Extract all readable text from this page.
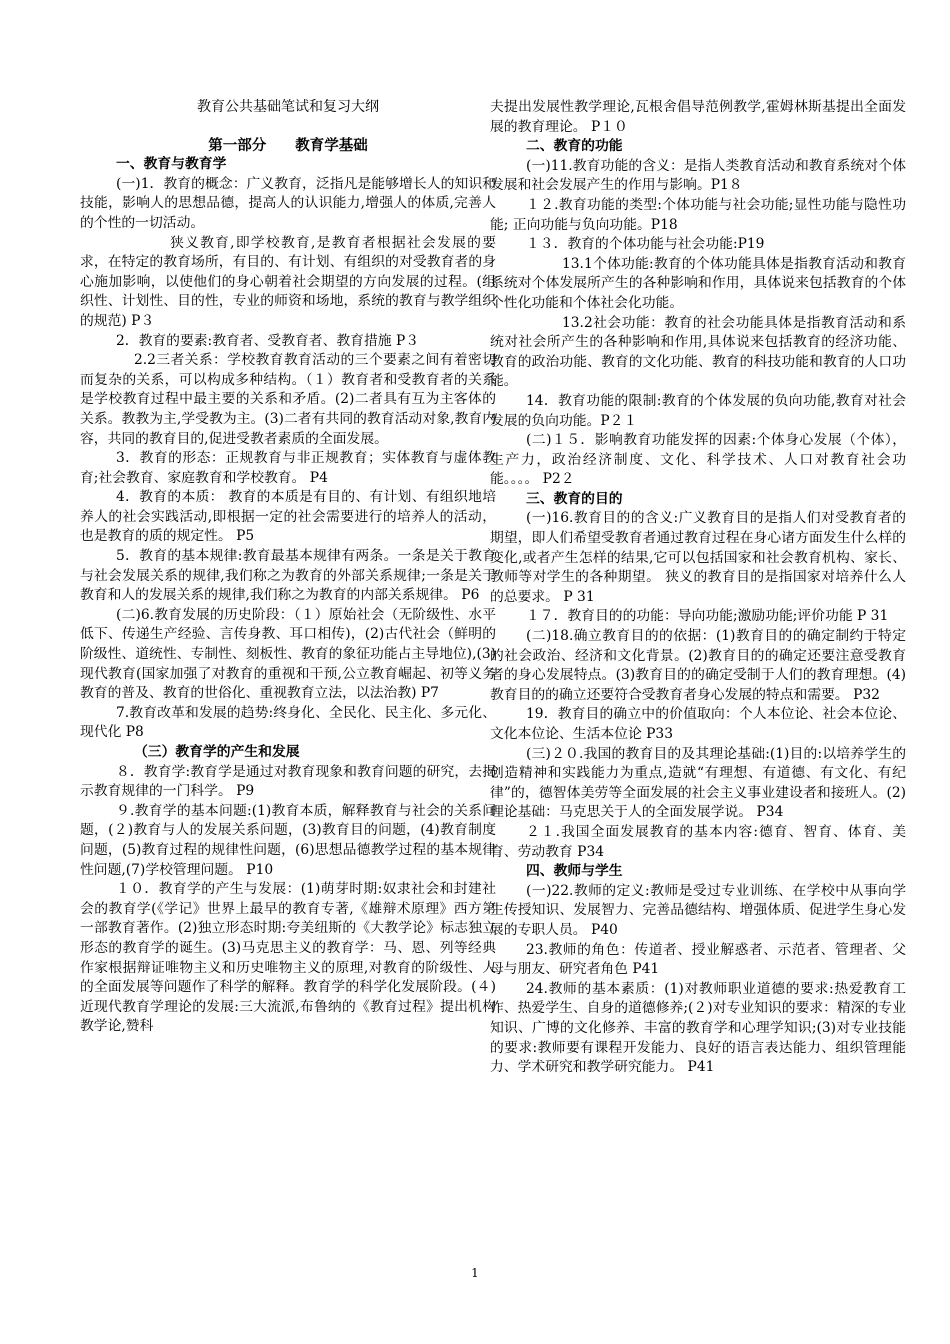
教育公共基础笔试和复习大纲

第一部分　　教育学基础

一、教育与教育学

(一)1．教育的概念：广义教育，泛指凡是能够增长人的知识和技能，影响人的思想品德，提高人的认识能力,增强人的体质,完善人的个性的一切活动。

狭义教育,即学校教育,是教育者根据社会发展的要求，在特定的教育场所，有目的、有计划、有组织的对受教育者的身心施加影响，以使他们的身心朝着社会期望的方向发展的过程。(组织性、计划性、目的性，专业的师资和场地，系统的教育与教学组织的规范) P３

2．教育的要素:教育者、受教育者、教育措施 P３

2.2三者关系：学校教育教育活动的三个要素之间有着密切而复杂的关系，可以构成多种结构。（１）教育者和受教育者的关系是学校教育过程中最主要的关系和矛盾。(2)二者具有互为主客体的关系。教教为主,学受教为主。(3)二者有共同的教育活动对象,教育内容，共同的教育目的,促进受教者素质的全面发展。

3．教育的形态：正规教育与非正规教育；实体教育与虚体教育;社会教育、家庭教育和学校教育。 P4

4．教育的本质： 教育的本质是有目的、有计划、有组织地培养人的社会实践活动,即根据一定的社会需要进行的培养人的活动，也是教育的质的规定性。 P5

5．教育的基本规律:教育最基本规律有两条。一条是关于教育与社会发展关系的规律,我们称之为教育的外部关系规律;一条是关于教育和人的发展关系的规律,我们称之为教育的内部关系规律。 P6

(二)6.教育发展的历史阶段：（１）原始社会（无阶级性、水平低下、传递生产经验、言传身教、耳口相传)，(2)古代社会（鲜明的阶级性、道统性、专制性、刻板性、教育的象征功能占主导地位),(3)现代教育(国家加强了对教育的重视和干预,公立教育崛起、初等义务教育的普及、教育的世俗化、重视教育立法，以法治教) P7

7.教育改革和发展的趋势:终身化、全民化、民主化、多元化、现代化 P8

（三）教育学的产生和发展

８．教育学:教育学是通过对教育现象和教育问题的研究，去揭示教育规律的一门科学。 P9

９.教育学的基本问题:(1)教育本质，解释教育与社会的关系问题，(２)教育与人的发展关系问题，(3)教育目的问题，(4)教育制度问题，(5)教育过程的规律性问题，(6)思想品德教学过程的基本规律性问题,(7)学校管理问题。 P10

１０．教育学的产生与发展：(1)萌芽时期:奴隶社会和封建社会的教育学(《学记》世界上最早的教育专著,《雄辩术原理》西方第一部教育著作。(2)独立形态时期:夸美纽斯的《大教学论》标志独立形态的教育学的诞生。(3)马克思主义的教育学：马、恩、列等经典作家根据辩证唯物主义和历史唯物主义的原理,对教育的阶级性、人的全面发展等问题作了科学的解释。教育学的科学化发展阶段。(４)近现代教育学理论的发展:三大流派,布鲁纳的《教育过程》提出机构教学论,赞科

夫提出发展性教学理论,瓦根舍倡导范例教学,霍姆林斯基提出全面发展的教育理论。 P１０

二、教育的功能

(一)11.教育功能的含义：是指人类教育活动和教育系统对个体发展和社会发展产生的作用与影响。P1８

１２.教育功能的类型:个体功能与社会功能;显性功能与隐性功能; 正向功能与负向功能。P18

１３．教育的个体功能与社会功能:P19

13.1个体功能:教育的个体功能具体是指教育活动和教育系统对个体发展所产生的各种影响和作用，具体说来包括教育的个体个性化功能和个体社会化功能。

13.2社会功能：教育的社会功能具体是指教育活动和系统对社会所产生的各种影响和作用,具体说来包括教育的经济功能、教育的政治功能、教育的文化功能、教育的科技功能和教育的人口功能。

14．教育功能的限制:教育的个体发展的负向功能,教育对社会发展的负向功能。P２１

(二)１５．影响教育功能发挥的因素:个体身心发展（个体），生产力，政治经济制度、文化、科学技术、人口对教育社会功能。。。。 P2２

三、教育的目的

(一)16.教育目的的含义:广义教育目的是指人们对受教育者的期望，即人们希望受教育者通过教育过程在身心诸方面发生什么样的变化,或者产生怎样的结果,它可以包括国家和社会教育机构、家长、教师等对学生的各种期望。 狭义的教育目的是指国家对培养什么人的总要求。 P 31

１７．教育目的的功能：导向功能;激励功能;评价功能 P 31

(二)18.确立教育目的的依据：(1)教育目的的确定制约于特定的社会政治、经济和文化背景。(2)教育目的的确定还要注意受教育者的身心发展特点。(3)教育目的的确定受制于人们的教育理想。(4)教育目的的确立还要符合受教育者身心发展的特点和需要。 P32

19．教育目的确立中的价值取向：个人本位论、社会本位论、文化本位论、生活本位论 P33

(三)２０.我国的教育目的及其理论基础:(1)目的:以培养学生的创造精神和实践能力为重点,造就“有理想、有道德、有文化、有纪律”的，德智体美劳等全面发展的社会主义事业建设者和接班人。(2)理论基础：马克思关于人的全面发展学说。 P34

２１.我国全面发展教育的基本内容:德育、智育、体育、美育、劳动教育 P34

四、教师与学生

(一)22.教师的定义:教师是受过专业训练、在学校中从事向学生传授知识、发展智力、完善品德结构、增强体质、促进学生身心发展的专职人员。 P40

23.教师的角色：传道者、授业解惑者、示范者、管理者、父母与朋友、研究者角色 P41

24.教师的基本素质：(1)对教师职业道德的要求:热爱教育工作、热爱学生、自身的道德修养;(２)对专业知识的要求：精深的专业知识、广博的文化修养、丰富的教育学和心理学知识;(3)对专业技能的要求:教师要有课程开发能力、良好的语言表达能力、组织管理能力、学术研究和教学研究能力。 P41

1
